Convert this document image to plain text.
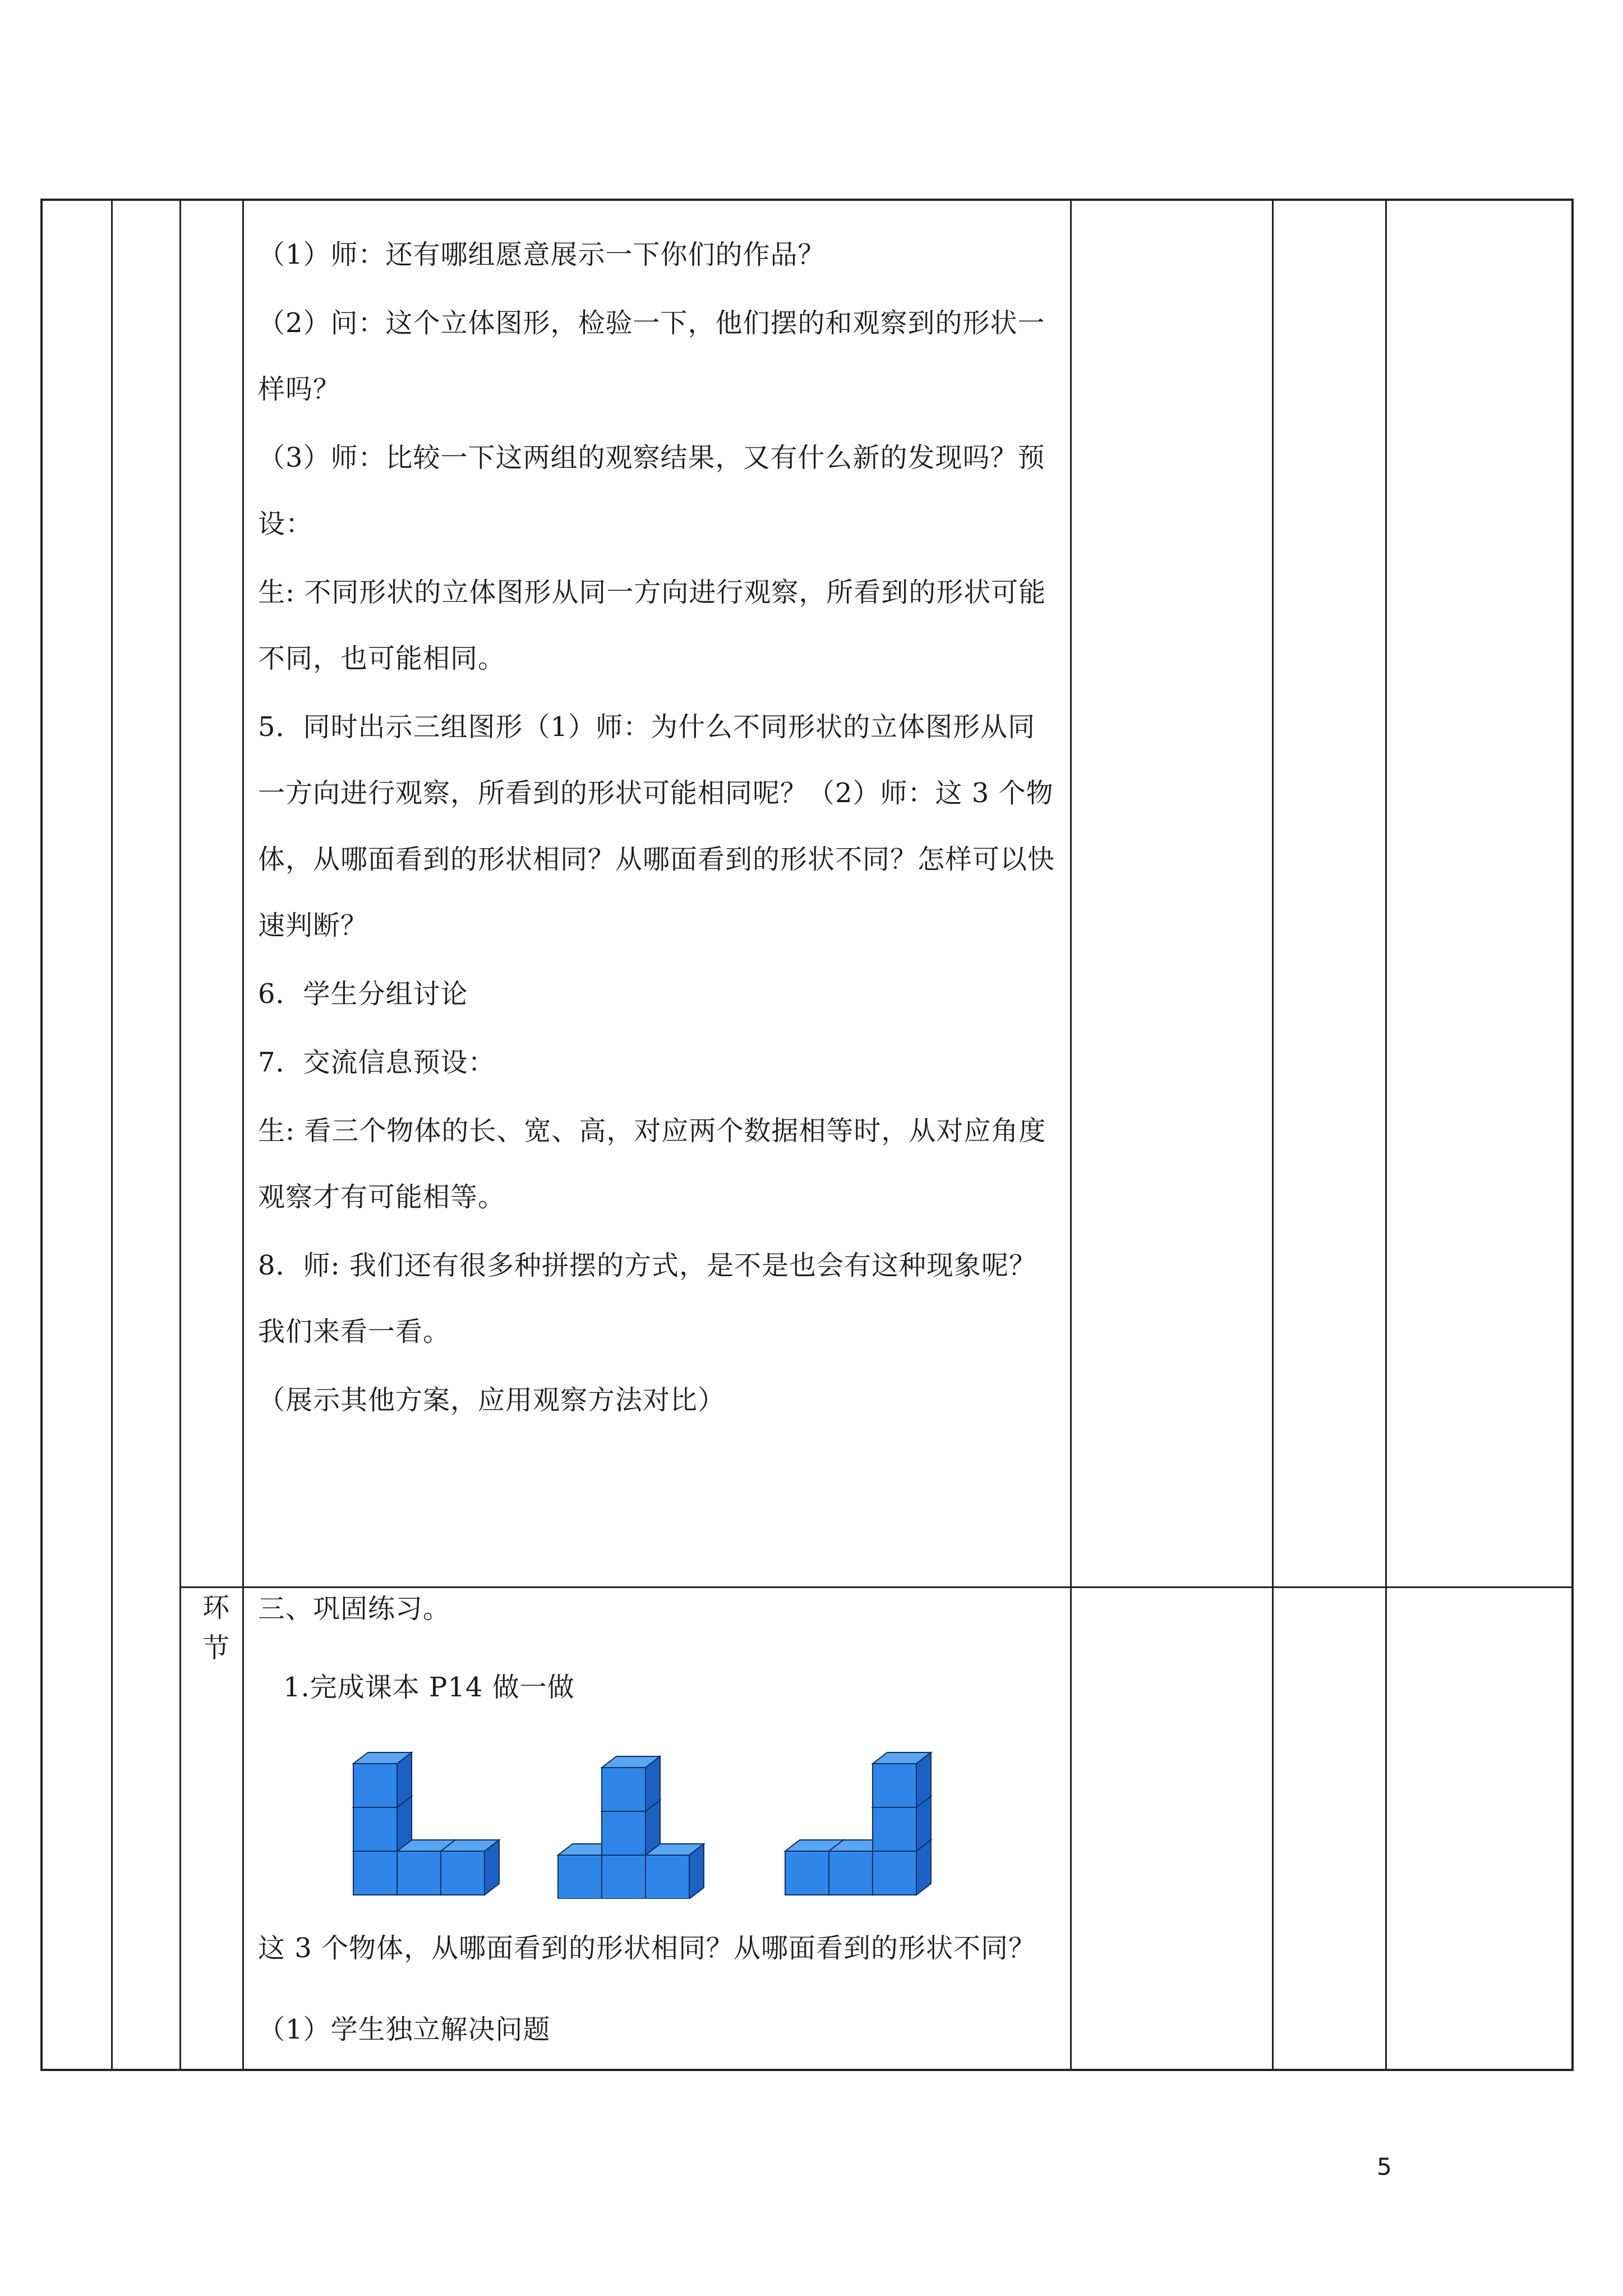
（1）师：还有哪组愿意展示一下你们的作品？

（2）问：这个立体图形，检验一下，他们摆的和观察到的形状一样吗？

（3）师：比较一下这两组的观察结果，又有什么新的发现吗？预设：

生: 不同形状的立体图形从同一方向进行观察，所看到的形状可能不同，也可能相同。

5．同时出示三组图形（1）师：为什么不同形状的立体图形从同一方向进行观察，所看到的形状可能相同呢？（2）师：这 3 个物体，从哪面看到的形状相同？从哪面看到的形状不同？怎样可以快速判断？

6．学生分组讨论

7．交流信息预设：

生: 看三个物体的长、宽、高，对应两个数据相等时，从对应角度观察才有可能相等。

8．师: 我们还有很多种拼摆的方式，是不是也会有这种现象呢？我们来看一看。

（展示其他方案，应用观察方法对比）

环
节
三、巩固练习。
1.完成课本 P14 做一做
这 3 个物体，从哪面看到的形状相同？从哪面看到的形状不同？
（1）学生独立解决问题
5
